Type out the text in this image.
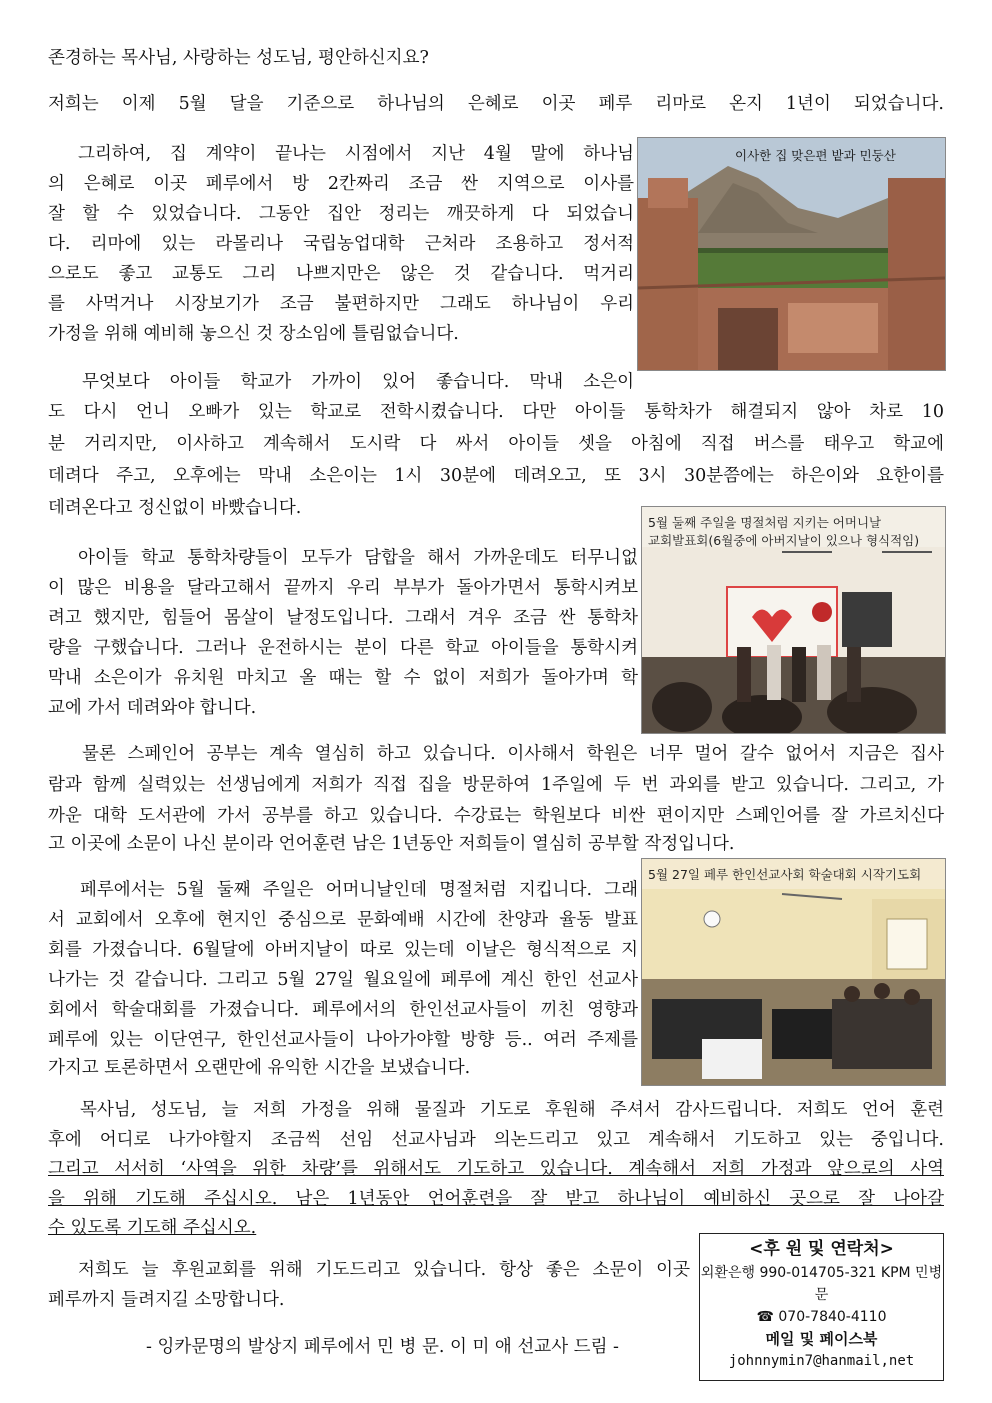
존경하는 목사님, 사랑하는 성도님, 평안하신지요?
저희는 이제 5월 달을 기준으로 하나님의 은혜로 이곳 페루 리마로 온지 1년이 되었습니다.
그리하여, 집 계약이 끝나는 시점에서 지난 4월 말에 하나님
의 은혜로 이곳 페루에서 방 2칸짜리 조금 싼 지역으로 이사를
잘 할 수 있었습니다. 그동안 집안 정리는 깨끗하게 다 되었습니
다. 리마에 있는 라몰리나 국립농업대학 근처라 조용하고 정서적
으로도 좋고 교통도 그리 나쁘지만은 않은 것 같습니다. 먹거리
를 사먹거나 시장보기가 조금 불편하지만 그래도 하나님이 우리
가정을 위해 예비해 놓으신 것 장소임에 틀림없습니다.
이사한 집 맞은편 밭과 민둥산
무엇보다 아이들 학교가 가까이 있어 좋습니다. 막내 소은이
도 다시 언니 오빠가 있는 학교로 전학시켰습니다. 다만 아이들 통학차가 해결되지 않아 차로 10
분 거리지만, 이사하고 계속해서 도시락 다 싸서 아이들 셋을 아침에 직접 버스를 태우고 학교에
데려다 주고, 오후에는 막내 소은이는 1시 30분에 데려오고, 또 3시 30분쯤에는 하은이와 요한이를
데려온다고 정신없이 바빴습니다.
5월 둘째 주일을 명절처럼 지키는 어머니날
교회발표회(6월중에 아버지날이 있으나 형식적임)
아이들 학교 통학차량들이 모두가 담합을 해서 가까운데도 터무니없
이 많은 비용을 달라고해서 끝까지 우리 부부가 돌아가면서 통학시켜보
려고 했지만, 힘들어 몸살이 날정도입니다. 그래서 겨우 조금 싼 통학차
량을 구했습니다. 그러나 운전하시는 분이 다른 학교 아이들을 통학시켜
막내 소은이가 유치원 마치고 올 때는 할 수 없이 저희가 돌아가며 학
교에 가서 데려와야 합니다.
물론 스페인어 공부는 계속 열심히 하고 있습니다. 이사해서 학원은 너무 멀어 갈수 없어서 지금은 집사
람과 함께 실력있는 선생님에게 저희가 직접 집을 방문하여 1주일에 두 번 과외를 받고 있습니다. 그리고, 가
까운 대학 도서관에 가서 공부를 하고 있습니다. 수강료는 학원보다 비싼 편이지만 스페인어를 잘 가르치신다
고 이곳에 소문이 나신 분이라 언어훈련 남은 1년동안 저희들이 열심히 공부할 작정입니다.
5월 27일 페루 한인선교사회 학술대회 시작기도회
페루에서는 5월 둘째 주일은 어머니날인데 명절처럼 지킵니다. 그래
서 교회에서 오후에 현지인 중심으로 문화예배 시간에 찬양과 율동 발표
회를 가졌습니다. 6월달에 아버지날이 따로 있는데 이날은 형식적으로 지
나가는 것 같습니다. 그리고 5월 27일 월요일에 페루에 계신 한인 선교사
회에서 학술대회를 가졌습니다. 페루에서의 한인선교사들이 끼친 영향과
페루에 있는 이단연구, 한인선교사들이 나아가야할 방향 등.. 여러 주제를
가지고 토론하면서 오랜만에 유익한 시간을 보냈습니다.
목사님, 성도님, 늘 저희 가정을 위해 물질과 기도로 후원해 주셔서 감사드립니다. 저희도 언어 훈련
후에 어디로 나가야할지 조금씩 선임 선교사님과 의논드리고 있고 계속해서 기도하고 있는 중입니다.
그리고 서서히 ‘사역을 위한 차량’를 위해서도 기도하고 있습니다. 계속해서 저희 가정과 앞으로의 사역
을 위해 기도해 주십시오. 남은 1년동안 언어훈련을 잘 받고 하나님이 예비하신 곳으로 잘 나아갈
수 있도록 기도해 주십시오.
저희도 늘 후원교회를 위해 기도드리고 있습니다. 항상 좋은 소문이 이곳
페루까지 들려지길 소망합니다.
- 잉카문명의 발상지 페루에서 민 병 문. 이 미 애 선교사 드림 -
<후 원 및 연락처>
외환은행 990-014705-321 KPM 민병문
☎ 070-7840-4110
메일 및 페이스북
johnnymin7@hanmail,net
